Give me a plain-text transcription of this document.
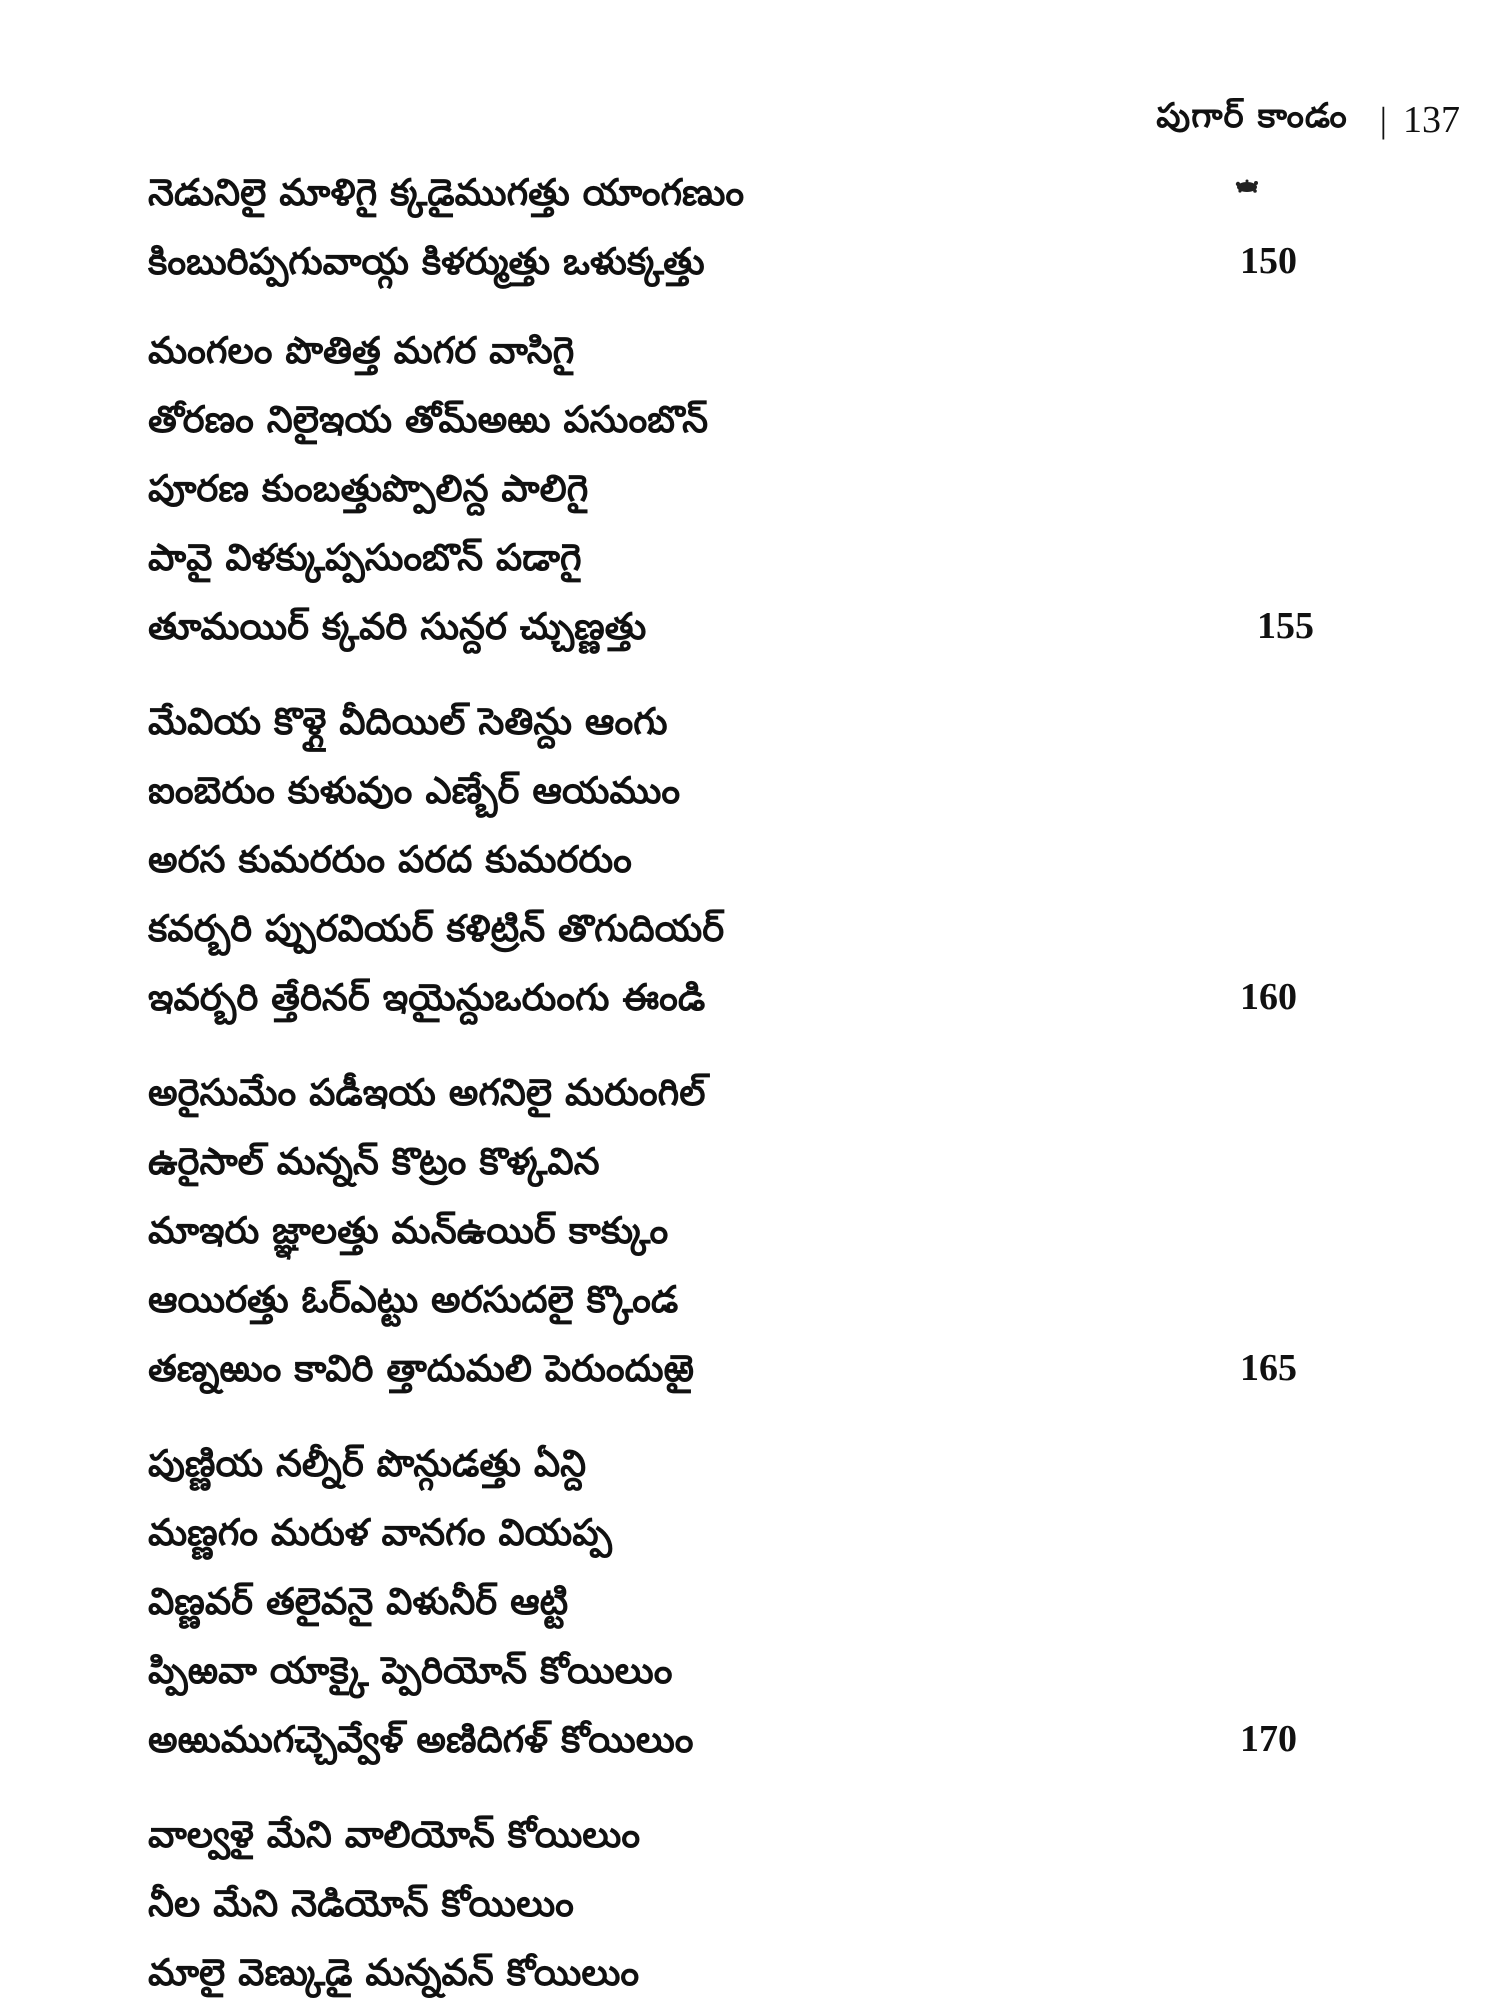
పుగార్ కాండం | 137
నెడునిలై మాళిగై క్కడైముగత్తు యాంగణుం
కింబురిప్పగువాయ్గ కిళర్ముత్తు ఒళుక్కత్తు	150
మంగలం పొతిత్త మగర వాసిగై
తోరణం నిలైఇయ తోమ్అఱు పసుంబొన్
పూరణ కుంబత్తుప్పొలిన్ద పాలిగై
పావై విళక్కుప్పసుంబొన్ పడాగై
తూమయిర్ క్కవరి సున్దర చ్చుణ్ణత్తు	155
మేవియ కొళ్గై వీదియిల్ సెతిన్దు ఆంగు
ఐంబెరుం కుళువుం ఎణ్బేర్ ఆయముం
అరస కుమరరుం పరద కుమరరుం
కవర్బరి ప్పురవియర్ కళిట్రిన్ తొగుదియర్
ఇవర్బరి త్తేరినర్ ఇయైన్దుఒరుంగు ఈండి	160
అరైసుమేం పడీఇయ అగనిలై మరుంగిల్
ఉరైసాల్ మన్నన్ కొట్రం కొళ్కవిన
మాఇరు జ్ఞాలత్తు మన్ఉయిర్ కాక్కుం
ఆయిరత్తు ఓర్ఎట్టు అరసుదలై క్కొండ
తణ్నఱుం కావిరి త్తాదుమలి పెరుందుఱై	165
పుణ్ణియ నల్నీర్ పొన్గుడత్తు ఏన్ది
మణ్ణగం మరుళ వానగం వియప్ప
విణ్ణవర్ తలైవనై విళునీర్ ఆట్టి
ప్పిఱవా యాక్కై ప్పెరియోన్ కోయిలుం
అఱుముగచ్చెవ్వేళ్ అణిదిగళ్ కోయిలుం	170
వాల్వళై మేని వాలియోన్ కోయిలుం
నీల మేని నెడియోన్ కోయిలుం
మాలై వెణ్కుడై మన్నవన్ కోయిలుం
